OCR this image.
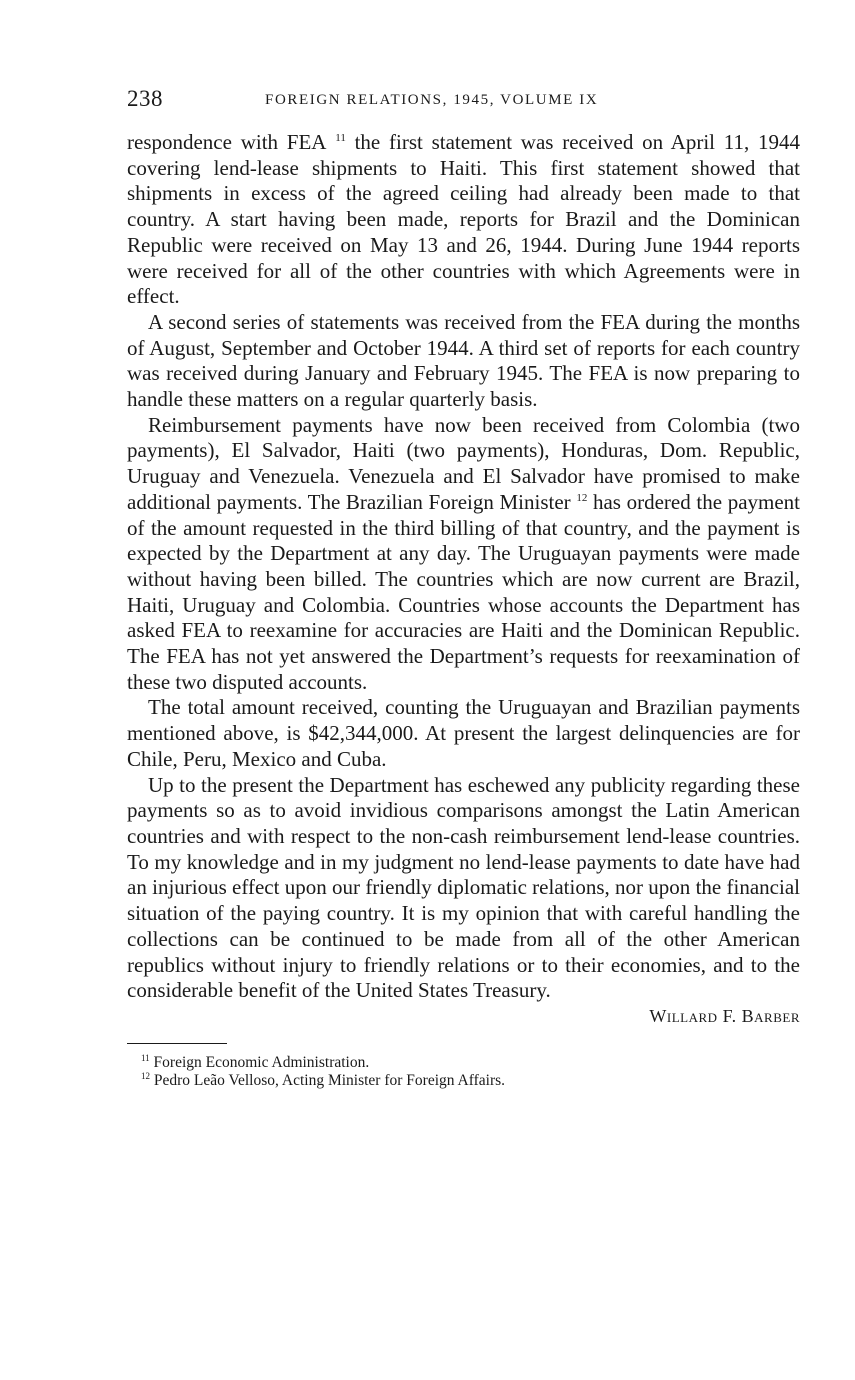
238	FOREIGN RELATIONS, 1945, VOLUME IX

respondence with FEA $^{11}$ the first statement was received on April 11, 1944 covering lend-lease shipments to Haiti. This first statement showed that shipments in excess of the agreed ceiling had already been made to that country. A start having been made, reports for Brazil and the Dominican Republic were received on May 13 and 26, 1944. During June 1944 reports were received for all of the other countries with which Agreements were in effect.

A second series of statements was received from the FEA during the months of August, September and October 1944. A third set of reports for each country was received during January and February 1945. The FEA is now preparing to handle these matters on a regular quarterly basis.

Reimbursement payments have now been received from Colombia (two payments), El Salvador, Haiti (two payments), Honduras, Dom. Republic, Uruguay and Venezuela. Venezuela and El Salvador have promised to make additional payments. The Brazilian Foreign Minister $^{12}$ has ordered the payment of the amount requested in the third billing of that country, and the payment is expected by the Department at any day. The Uruguayan payments were made without having been billed. The countries which are now current are Brazil, Haiti, Uruguay and Colombia. Countries whose accounts the Department has asked FEA to reexamine for accuracies are Haiti and the Dominican Republic. The FEA has not yet answered the Department’s requests for reexamination of these two disputed accounts.

The total amount received, counting the Uruguayan and Brazilian payments mentioned above, is $42,344,000. At present the largest delinquencies are for Chile, Peru, Mexico and Cuba.

Up to the present the Department has eschewed any publicity regarding these payments so as to avoid invidious comparisons amongst the Latin American countries and with respect to the non-cash reimbursement lend-lease countries. To my knowledge and in my judgment no lend-lease payments to date have had an injurious effect upon our friendly diplomatic relations, nor upon the financial situation of the paying country. It is my opinion that with careful handling the collections can be continued to be made from all of the other American republics without injury to friendly relations or to their economies, and to the considerable benefit of the United States Treasury.

Willard F. Barber
$^{11}$ Foreign Economic Administration.
$^{12}$ Pedro Leão Velloso, Acting Minister for Foreign Affairs.
